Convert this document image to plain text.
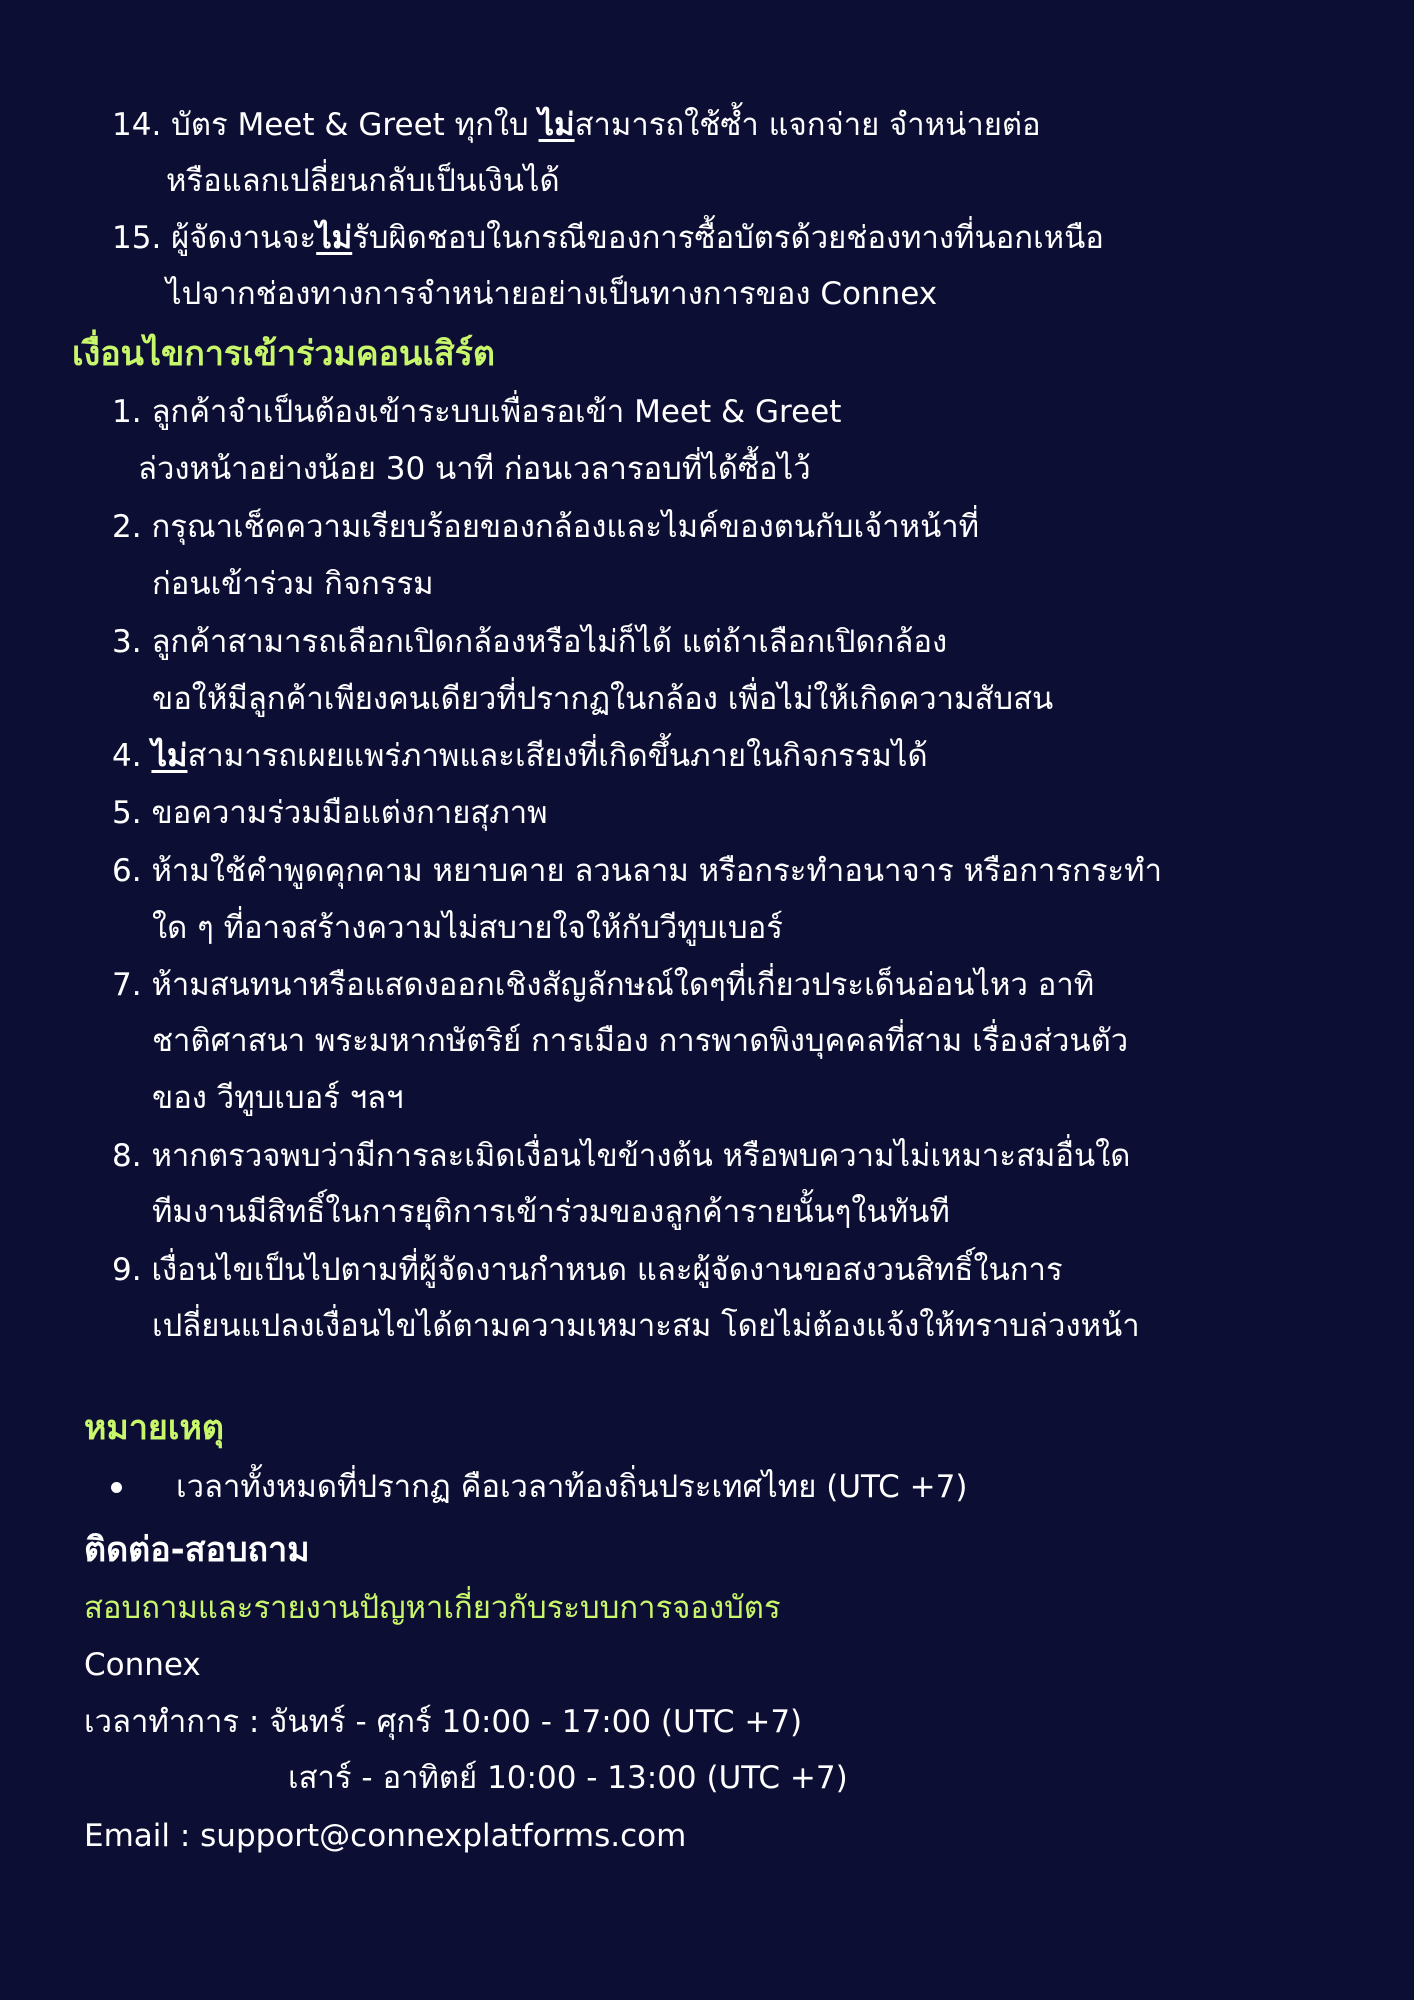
14. บัตร Meet & Greet ทุกใบ ไม่สามารถใช้ซ้ำ แจกจ่าย จำหน่ายต่อ
หรือแลกเปลี่ยนกลับเป็นเงินได้
15. ผู้จัดงานจะไม่รับผิดชอบในกรณีของการซื้อบัตรด้วยช่องทางที่นอกเหนือ
ไปจากช่องทางการจำหน่ายอย่างเป็นทางการของ Connex
เงื่อนไขการเข้าร่วมคอนเสิร์ต
1. ลูกค้าจำเป็นต้องเข้าระบบเพื่อรอเข้า Meet & Greet
ล่วงหน้าอย่างน้อย 30 นาที ก่อนเวลารอบที่ได้ซื้อไว้
2. กรุณาเช็คความเรียบร้อยของกล้องและไมค์ของตนกับเจ้าหน้าที่
ก่อนเข้าร่วม กิจกรรม
3. ลูกค้าสามารถเลือกเปิดกล้องหรือไม่ก็ได้ แต่ถ้าเลือกเปิดกล้อง
ขอให้มีลูกค้าเพียงคนเดียวที่ปรากฏในกล้อง เพื่อไม่ให้เกิดความสับสน
4. ไม่สามารถเผยแพร่ภาพและเสียงที่เกิดขึ้นภายในกิจกรรมได้
5. ขอความร่วมมือแต่งกายสุภาพ
6. ห้ามใช้คำพูดคุกคาม หยาบคาย ลวนลาม หรือกระทำอนาจาร หรือการกระทำ
ใด ๆ ที่อาจสร้างความไม่สบายใจให้กับวีทูบเบอร์
7. ห้ามสนทนาหรือแสดงออกเชิงสัญลักษณ์ใดๆที่เกี่ยวประเด็นอ่อนไหว อาทิ
ชาติศาสนา พระมหากษัตริย์ การเมือง การพาดพิงบุคคลที่สาม เรื่องส่วนตัว
ของ วีทูบเบอร์ ฯลฯ
8. หากตรวจพบว่ามีการละเมิดเงื่อนไขข้างต้น หรือพบความไม่เหมาะสมอื่นใด
ทีมงานมีสิทธิ์ในการยุติการเข้าร่วมของลูกค้ารายนั้นๆในทันที
9. เงื่อนไขเป็นไปตามที่ผู้จัดงานกำหนด และผู้จัดงานขอสงวนสิทธิ์ในการ
เปลี่ยนแปลงเงื่อนไขได้ตามความเหมาะสม โดยไม่ต้องแจ้งให้ทราบล่วงหน้า
หมายเหตุ
เวลาทั้งหมดที่ปรากฏ คือเวลาท้องถิ่นประเทศไทย (UTC +7)
ติดต่อ-สอบถาม
สอบถามและรายงานปัญหาเกี่ยวกับระบบการจองบัตร
Connex
เวลาทำการ : จันทร์ - ศุกร์ 10:00 - 17:00 (UTC +7)
เสาร์ - อาทิตย์ 10:00 - 13:00 (UTC +7)
Email : support@connexplatforms.com
